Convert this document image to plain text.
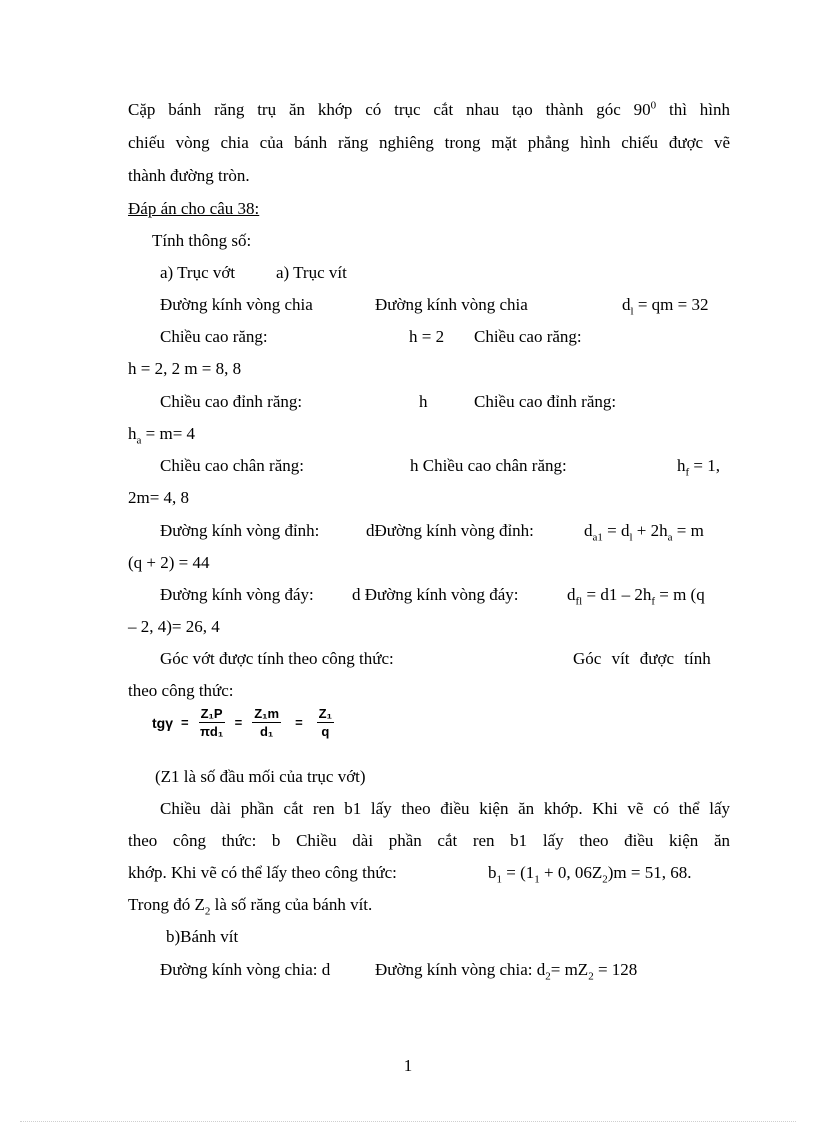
Cặp bánh răng trụ ăn khớp có trục cắt nhau tạo thành góc $90^0$ thì hình
chiếu vòng chia của bánh răng nghiêng trong mặt phẳng hình chiếu được vẽ
thành đường tròn.
Đáp án cho câu 38:
Tính thông số:
a) Trục vớt a) Trục vít
Đường kính vòng chia	Đường kính vòng chia	$d_l$ = qm = 32
Chiều cao răng:	h = 2 Chiều cao răng:
h = 2, 2 m = 8, 8
Chiều cao đỉnh răng:	h	Chiều cao đỉnh răng:
$h_a = m= 4$
Chiều cao chân răng:	h Chiều cao chân răng:	$h_f = 1$,
2m= 4, 8
Đường kính vòng đỉnh:	dĐường kính vòng đỉnh:	$d_{a1} = d_l + 2h_a = m$
(q + 2) = 44
Đường kính vòng đáy: d Đường kính vòng đáy:	$d_{fl} = d1 - 2h_f = m$ (q
– 2, 4)= 26, 4
Góc vớt được tính theo công thức:	Góc vít được tính
theo công thức:
$tg\gamma = \frac{\text{Z₁P}}{\text{πd₁}} = \frac{\text{Z₁m}}{\text{d₁}} = \frac{\text{Z₁}}{q}$
(Z1 là số đầu mối của trục vớt)
Chiều dài phần cắt ren b1 lấy theo điều kiện ăn khớp. Khi vẽ có thể lấy
theo công thức: b Chiều dài phần cắt ren b1 lấy theo điều kiện ăn
khớp. Khi vẽ có thể lấy theo công thức:	$b_1 = (1_1 + 0$, $06Z_2)m = 51$, 68.
Trong đó $Z_2$ là số răng của bánh vít.
b)Bánh vít
Đường kính vòng chia: d	Đường kính vòng chia: $d_2= mZ_2 = 128$
1
